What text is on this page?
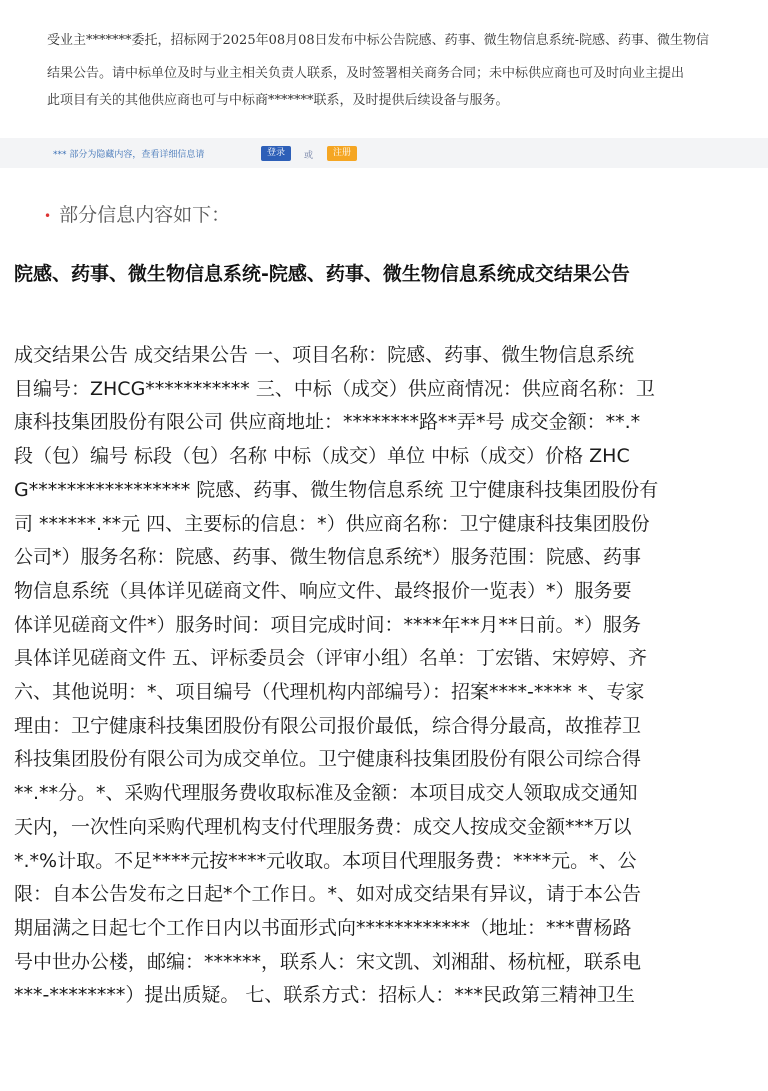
受业主*******委托，招标网于2025年08月08日发布中标公告院感、药事、微生物信息系统-院感、药事、微生物信
结果公告。请中标单位及时与业主相关负责人联系，及时签署相关商务合同；未中标供应商也可及时向业主提出
此项目有关的其他供应商也可与中标商*******联系，及时提供后续设备与服务。
*** 部分为隐藏内容，查看详细信息请	登录	或	注册
• 部分信息内容如下：
院感、药事、微生物信息系统-院感、药事、微生物信息系统成交结果公告
成交结果公告 成交结果公告 一、项目名称：院感、药事、微生物信息系统
目编号：ZHCG*********** 三、中标（成交）供应商情况：供应商名称：卫
康科技集团股份有限公司 供应商地址：********路**弄*号 成交金额：**.*
段（包）编号 标段（包）名称 中标（成交）单位 中标（成交）价格 ZHC
G***************** 院感、药事、微生物信息系统 卫宁健康科技集团股份有
司 ******.**元 四、主要标的信息：*）供应商名称：卫宁健康科技集团股份
公司*）服务名称：院感、药事、微生物信息系统*）服务范围：院感、药事
物信息系统（具体详见磋商文件、响应文件、最终报价一览表）*）服务要
体详见磋商文件*）服务时间：项目完成时间：****年**月**日前。*）服务
具体详见磋商文件 五、评标委员会（评审小组）名单：丁宏锴、宋婷婷、齐
六、其他说明：*、项目编号（代理机构内部编号）：招案****-**** *、专家
理由：卫宁健康科技集团股份有限公司报价最低，综合得分最高，故推荐卫
科技集团股份有限公司为成交单位。卫宁健康科技集团股份有限公司综合得
**.**分。*、采购代理服务费收取标准及金额：本项目成交人领取成交通知
天内，一次性向采购代理机构支付代理服务费：成交人按成交金额***万以
*.*%计取。不足****元按****元收取。本项目代理服务费：****元。*、公
限：自本公告发布之日起*个工作日。*、如对成交结果有异议，请于本公告
期届满之日起七个工作日内以书面形式向************（地址：***曹杨路
号中世办公楼，邮编：******，联系人：宋文凯、刘湘甜、杨杭桠，联系电
***-********）提出质疑。 七、联系方式：招标人：***民政第三精神卫生
